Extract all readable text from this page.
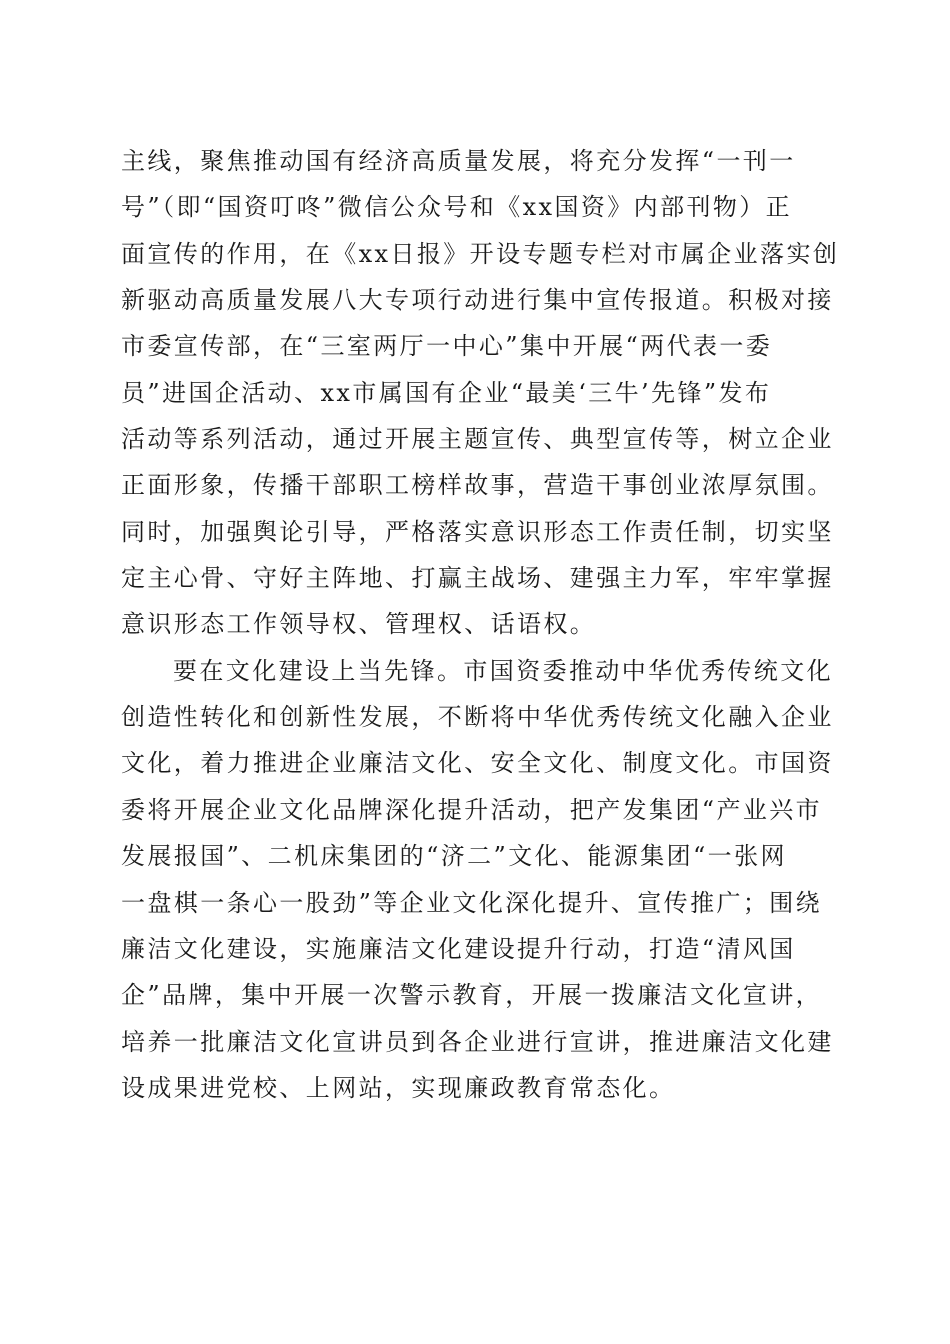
主线，聚焦推动国有经济高质量发展，将充分发挥“一刊一
号”（即“国资叮咚”微信公众号和《xx国资》内部刊物）正
面宣传的作用，在《xx日报》开设专题专栏对市属企业落实创
新驱动高质量发展八大专项行动进行集中宣传报道。积极对接
市委宣传部，在“三室两厅一中心”集中开展“两代表一委
员”进国企活动、xx市属国有企业“最美‘三牛’先锋”发布
活动等系列活动，通过开展主题宣传、典型宣传等，树立企业
正面形象，传播干部职工榜样故事，营造干事创业浓厚氛围。
同时，加强舆论引导，严格落实意识形态工作责任制，切实坚
定主心骨、守好主阵地、打赢主战场、建强主力军，牢牢掌握
意识形态工作领导权、管理权、话语权。
要在文化建设上当先锋。市国资委推动中华优秀传统文化
创造性转化和创新性发展，不断将中华优秀传统文化融入企业
文化，着力推进企业廉洁文化、安全文化、制度文化。市国资
委将开展企业文化品牌深化提升活动，把产发集团“产业兴市
发展报国”、二机床集团的“济二”文化、能源集团“一张网
一盘棋一条心一股劲”等企业文化深化提升、宣传推广；围绕
廉洁文化建设，实施廉洁文化建设提升行动，打造“清风国
企”品牌，集中开展一次警示教育，开展一拨廉洁文化宣讲，
培养一批廉洁文化宣讲员到各企业进行宣讲，推进廉洁文化建
设成果进党校、上网站，实现廉政教育常态化。
